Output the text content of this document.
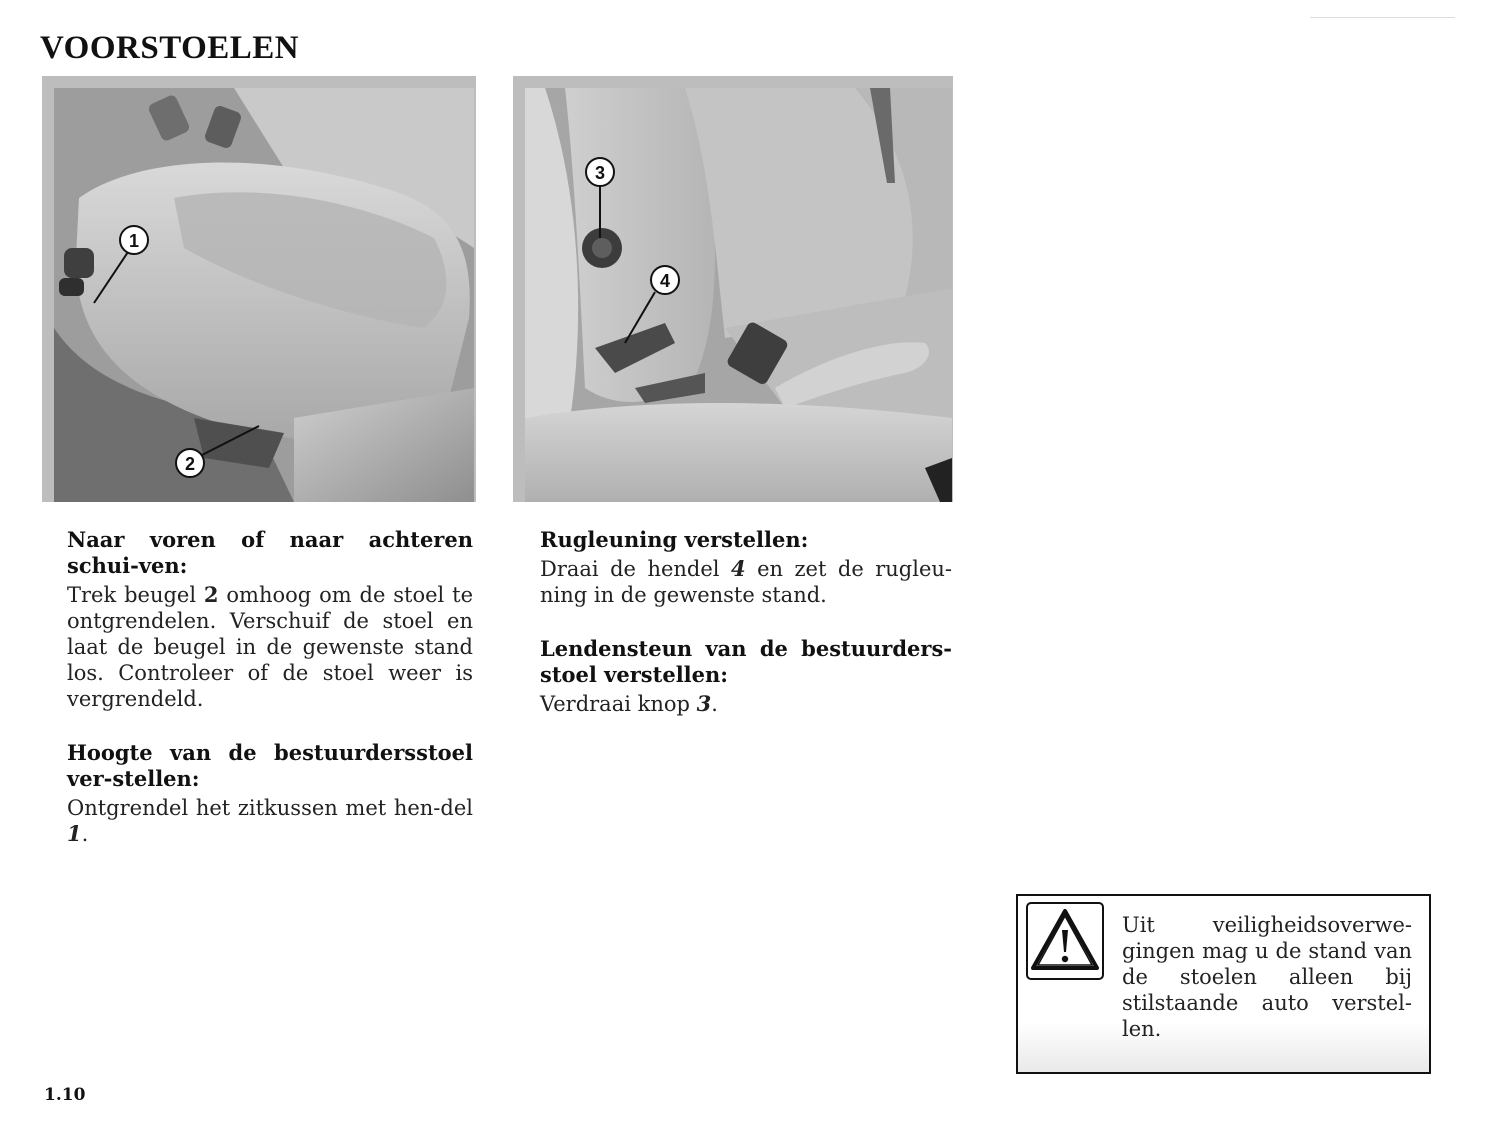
VOORSTOELEN
1
2
3
4

Naar voren of naar achteren schui-ven:

Trek beugel 2 omhoog om de stoel te ontgrendelen. Verschuif de stoel en laat de beugel in de gewenste stand los. Controleer of de stoel weer is vergrendeld.

Hoogte van de bestuurdersstoel ver-stellen:

Ontgrendel het zitkussen met hen-del 1.

Rugleuning verstellen:

Draai de hendel 4 en zet de rugleu-ning in de gewenste stand.

Lendensteun van de bestuurders-stoel verstellen:

Verdraai knop 3.

Uit veiligheidsoverwe-gingen mag u de stand van de stoelen alleen bij stilstaande auto verstel-len.

1.10
